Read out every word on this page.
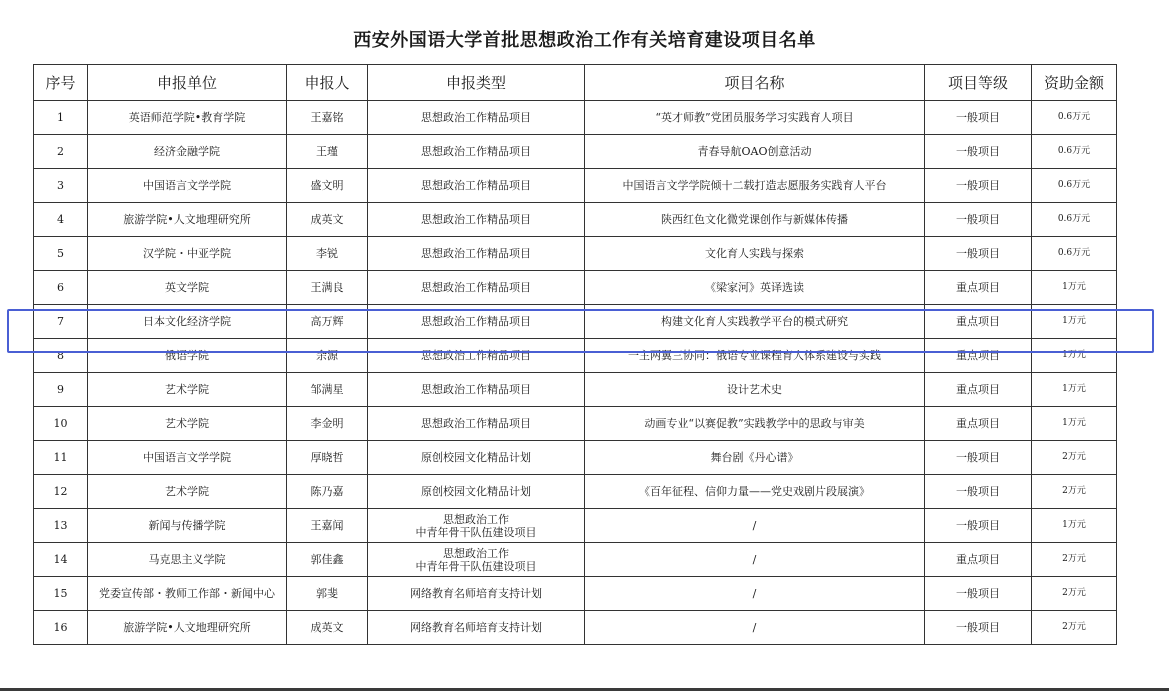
西安外国语大学首批思想政治工作有关培育建设项目名单
序号	申报单位	申报人	申报类型	项目名称	项目等级	资助金额
1	英语师范学院•教育学院	王嘉铭	思想政治工作精品项目	“英才师教”党团员服务学习实践育人项目	一般项目	0.6万元
2	经济金融学院	王瑾	思想政治工作精品项目	青春导航OAO创意活动	一般项目	0.6万元
3	中国语言文学学院	盛文明	思想政治工作精品项目	中国语言文学学院倾十二载打造志愿服务实践育人平台	一般项目	0.6万元
4	旅游学院•人文地理研究所	成英文	思想政治工作精品项目	陕西红色文化微党课创作与新媒体传播	一般项目	0.6万元
5	汉学院・中亚学院	李锐	思想政治工作精品项目	文化育人实践与探索	一般项目	0.6万元
6	英文学院	王满良	思想政治工作精品项目	《梁家河》英译选读	重点项目	1万元
7	日本文化经济学院	高万辉	思想政治工作精品项目	构建文化育人实践教学平台的模式研究	重点项目	1万元
8	俄语学院	余源	思想政治工作精品项目	一主两翼三协同：俄语专业课程育人体系建设与实践	重点项目	1万元
9	艺术学院	邹满星	思想政治工作精品项目	设计艺术史	重点项目	1万元
10	艺术学院	李金明	思想政治工作精品项目	动画专业“以赛促教”实践教学中的思政与审美	重点项目	1万元
11	中国语言文学学院	厚晓哲	原创校园文化精品计划	舞台剧《丹心谱》	一般项目	2万元
12	艺术学院	陈乃嘉	原创校园文化精品计划	《百年征程、信仰力量——党史戏剧片段展演》	一般项目	2万元
13	新闻与传播学院	王嘉闻	思想政治工作
中青年骨干队伍建设项目	/	一般项目	1万元
14	马克思主义学院	郭佳鑫	思想政治工作
中青年骨干队伍建设项目	/	重点项目	2万元
15	党委宣传部・教师工作部・新闻中心	郭斐	网络教育名师培育支持计划	/	一般项目	2万元
16	旅游学院•人文地理研究所	成英文	网络教育名师培育支持计划	/	一般项目	2万元
